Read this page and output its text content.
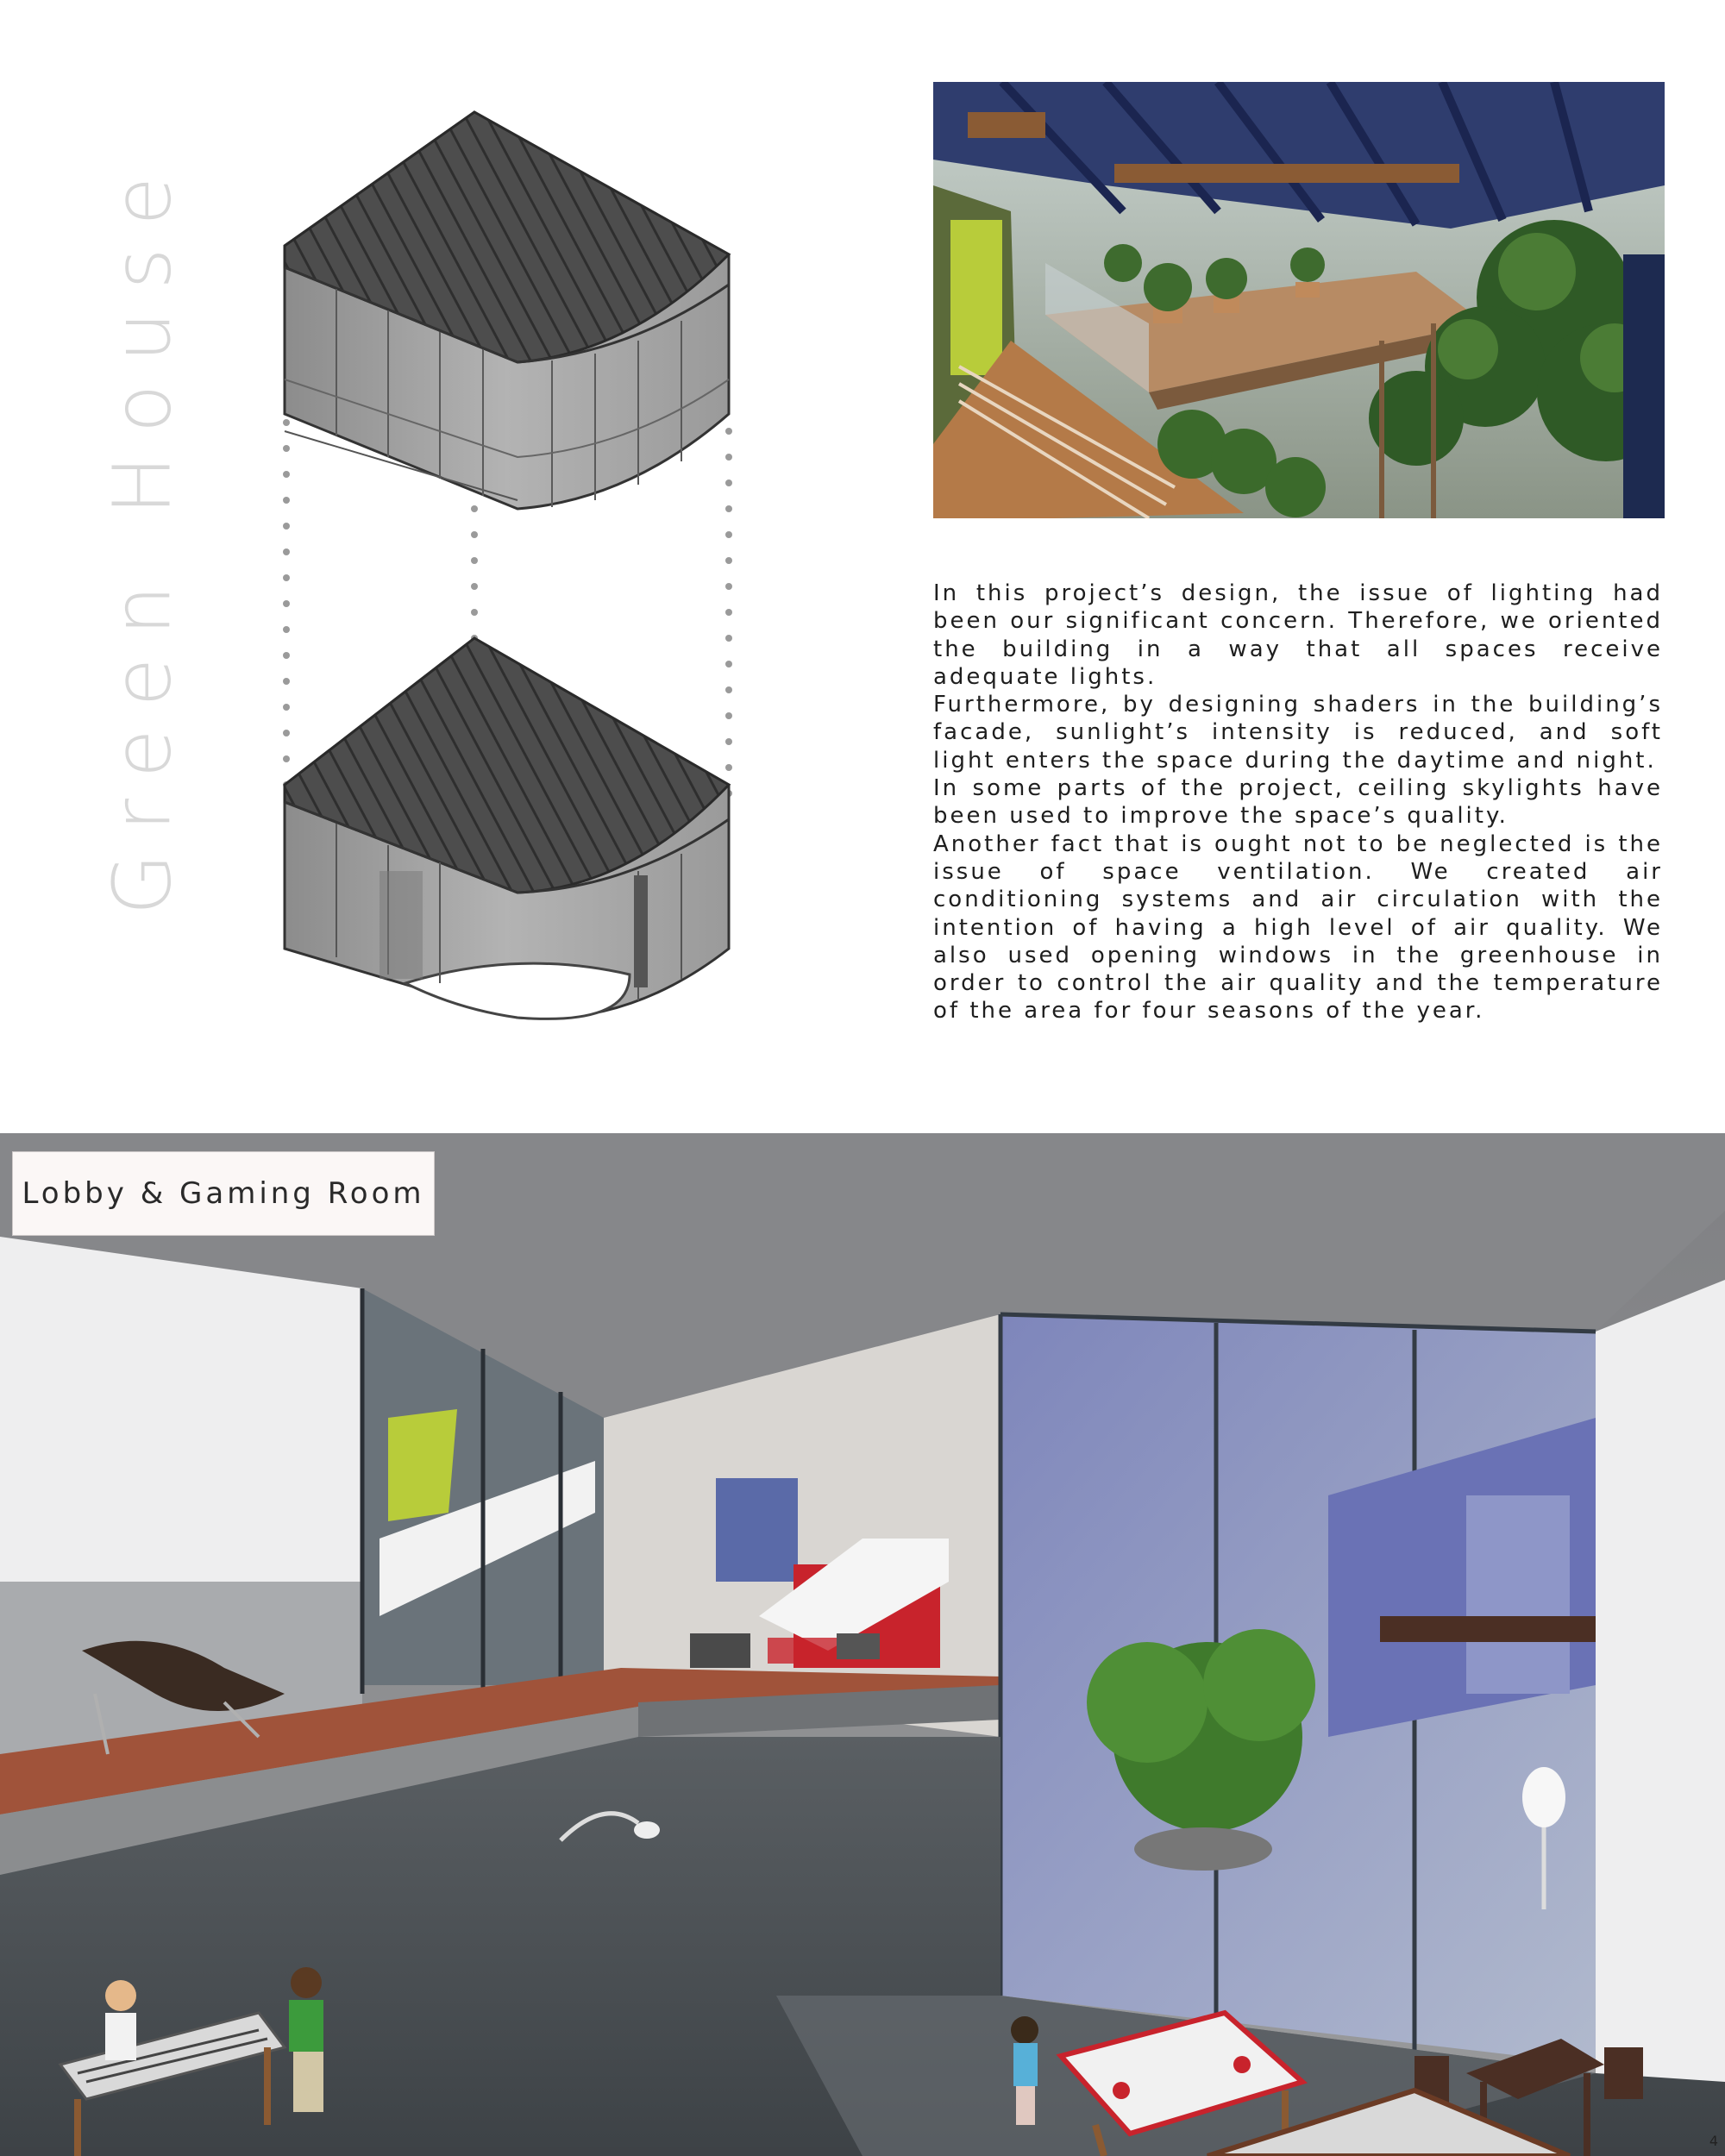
Green House	In this project’s design, the issue of lighting had been our significant concern. Therefore, we oriented the building in a way that all spaces receive adequate lights.

Furthermore, by designing shaders in the building’s facade, sunlight’s intensity is reduced, and soft light enters the space during the daytime and night.

In some parts of the project, ceiling skylights have been used to improve the space’s quality.

Another fact that is ought not to be neglected is the issue of space ventilation. We created air conditioning systems and air circulation with the intention of having a high level of air quality. We also used opening windows in the greenhouse in order to control the air quality and the temperature of the area for four seasons of the year.

Lobby & Gaming Room
4
